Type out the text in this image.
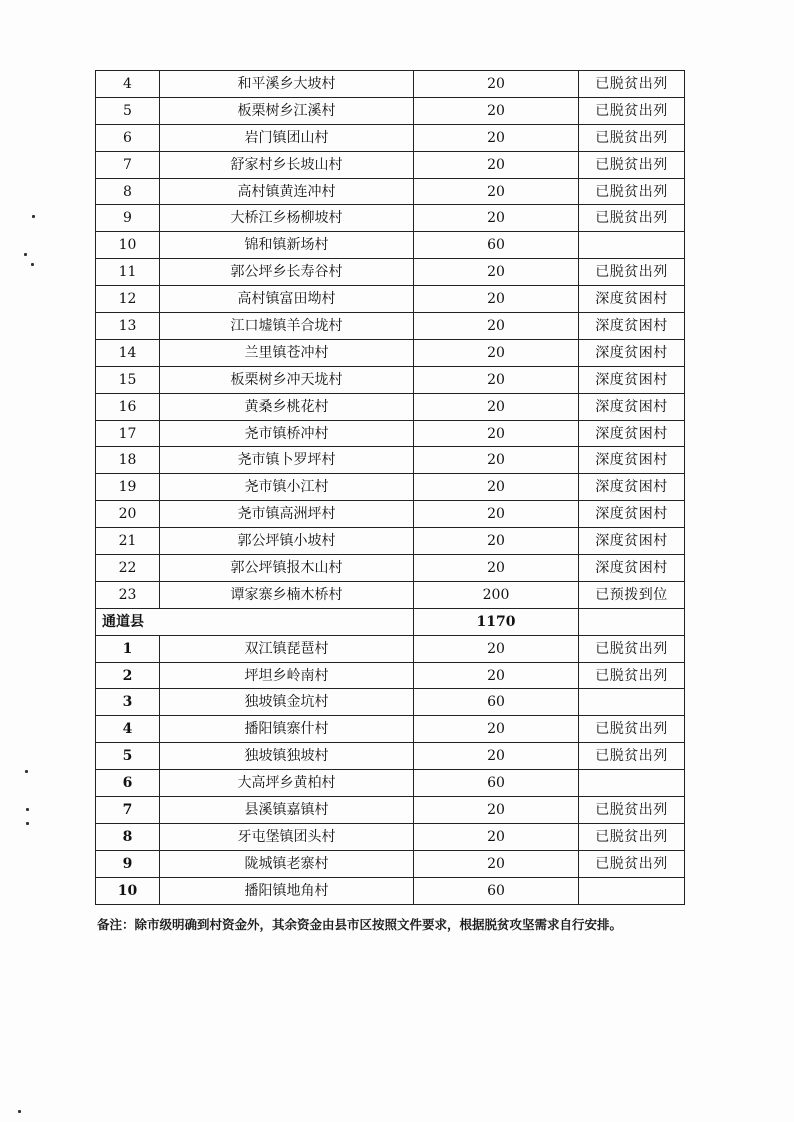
4	和平溪乡大坡村	20	已脱贫出列
5	板栗树乡江溪村	20	已脱贫出列
6	岩门镇团山村	20	已脱贫出列
7	舒家村乡长坡山村	20	已脱贫出列
8	高村镇黄连冲村	20	已脱贫出列
9	大桥江乡杨柳坡村	20	已脱贫出列
10	锦和镇新场村	60	
11	郭公坪乡长寿谷村	20	已脱贫出列
12	高村镇富田坳村	20	深度贫困村
13	江口墟镇羊合垅村	20	深度贫困村
14	兰里镇苍冲村	20	深度贫困村
15	板栗树乡冲天垅村	20	深度贫困村
16	黄桑乡桃花村	20	深度贫困村
17	尧市镇桥冲村	20	深度贫困村
18	尧市镇卜罗坪村	20	深度贫困村
19	尧市镇小江村	20	深度贫困村
20	尧市镇高洲坪村	20	深度贫困村
21	郭公坪镇小坡村	20	深度贫困村
22	郭公坪镇报木山村	20	深度贫困村
23	谭家寨乡楠木桥村	200	已预拨到位
通道县		1170	
1	双江镇琵琶村	20	已脱贫出列
2	坪坦乡岭南村	20	已脱贫出列
3	独坡镇金坑村	60	
4	播阳镇寨什村	20	已脱贫出列
5	独坡镇独坡村	20	已脱贫出列
6	大高坪乡黄柏村	60	
7	县溪镇嘉镇村	20	已脱贫出列
8	牙屯堡镇团头村	20	已脱贫出列
9	陇城镇老寨村	20	已脱贫出列
10	播阳镇地角村	60	
备注：除市级明确到村资金外，其余资金由县市区按照文件要求，根据脱贫攻坚需求自行安排。
